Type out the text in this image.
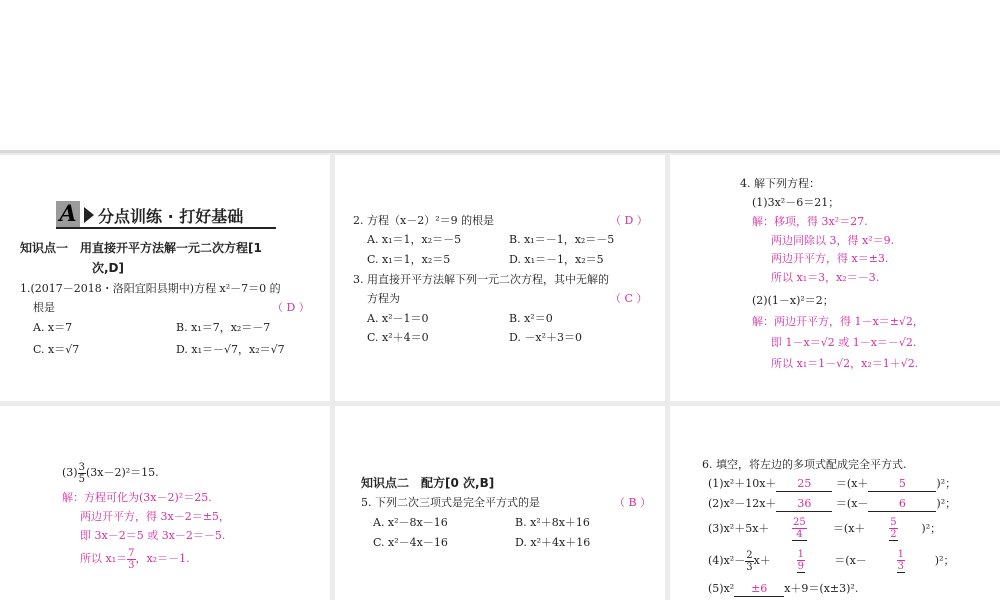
A 分点训练 · 打好基础
知识点一　用直接开平方法解一元二次方程[1
次,D]
1.(2017－2018・洛阳宜阳县期中)方程 x²－7＝0 的
根是	（ D ）
A. x＝7	B. x₁＝7，x₂＝－7
C. x＝√7	D. x₁＝－√7，x₂＝√7
2. 方程（x－2）²＝9 的根是	（ D ）
A. x₁＝1，x₂＝－5	B. x₁＝－1，x₂＝－5
C. x₁＝1，x₂＝5	D. x₁＝－1，x₂＝5
3. 用直接开平方法解下列一元二次方程，其中无解的
方程为	（ C ）
A. x²－1＝0	B. x²＝0
C. x²＋4＝0	D. －x²＋3＝0
4. 解下列方程：
(1)3x²－6＝21；
解：移项，得 3x²＝27.
两边同除以 3，得 x²＝9.
两边开平方，得 x＝±3.
所以 x₁＝3，x₂＝－3.
(2)(1－x)²＝2；
解：两边开平方，得 1－x＝±√2，
即 1－x＝√2 或 1－x＝－√2.
所以 x₁＝1－√2，x₂＝1＋√2.
$(3) \frac{3}{5} (3x-2)^2=15$.
解：方程可化为(3x－2)²＝25.
两边开平方，得 3x－2＝±5，
即 3x－2＝5 或 3x－2＝－5.
所以 $x_1= \frac{7}{3}$ ，x₂＝－1.
知识点二　配方[0 次,B]
5. 下列二次三项式是完全平方式的是	（ B ）
A. x²－8x－16	B. x²＋8x＋16
C. x²－4x－16	D. x²＋4x＋16
6. 填空，将左边的多项式配成完全平方式.
(1)x²＋10x＋ 25 ＝(x＋	5	)²；
(2)x²－12x＋ 36 ＝(x－	6	)²；
$(3)x^2+5x+ \frac{25}{4} =(x+ \frac{5}{2} )^2$；
$(4)x^2- \frac{2}{3} x+$	$\frac{1}{9}$	＝(x－	$\frac{1}{3}$	)²；
(5)x² ±6 x＋9＝(x±3)².
